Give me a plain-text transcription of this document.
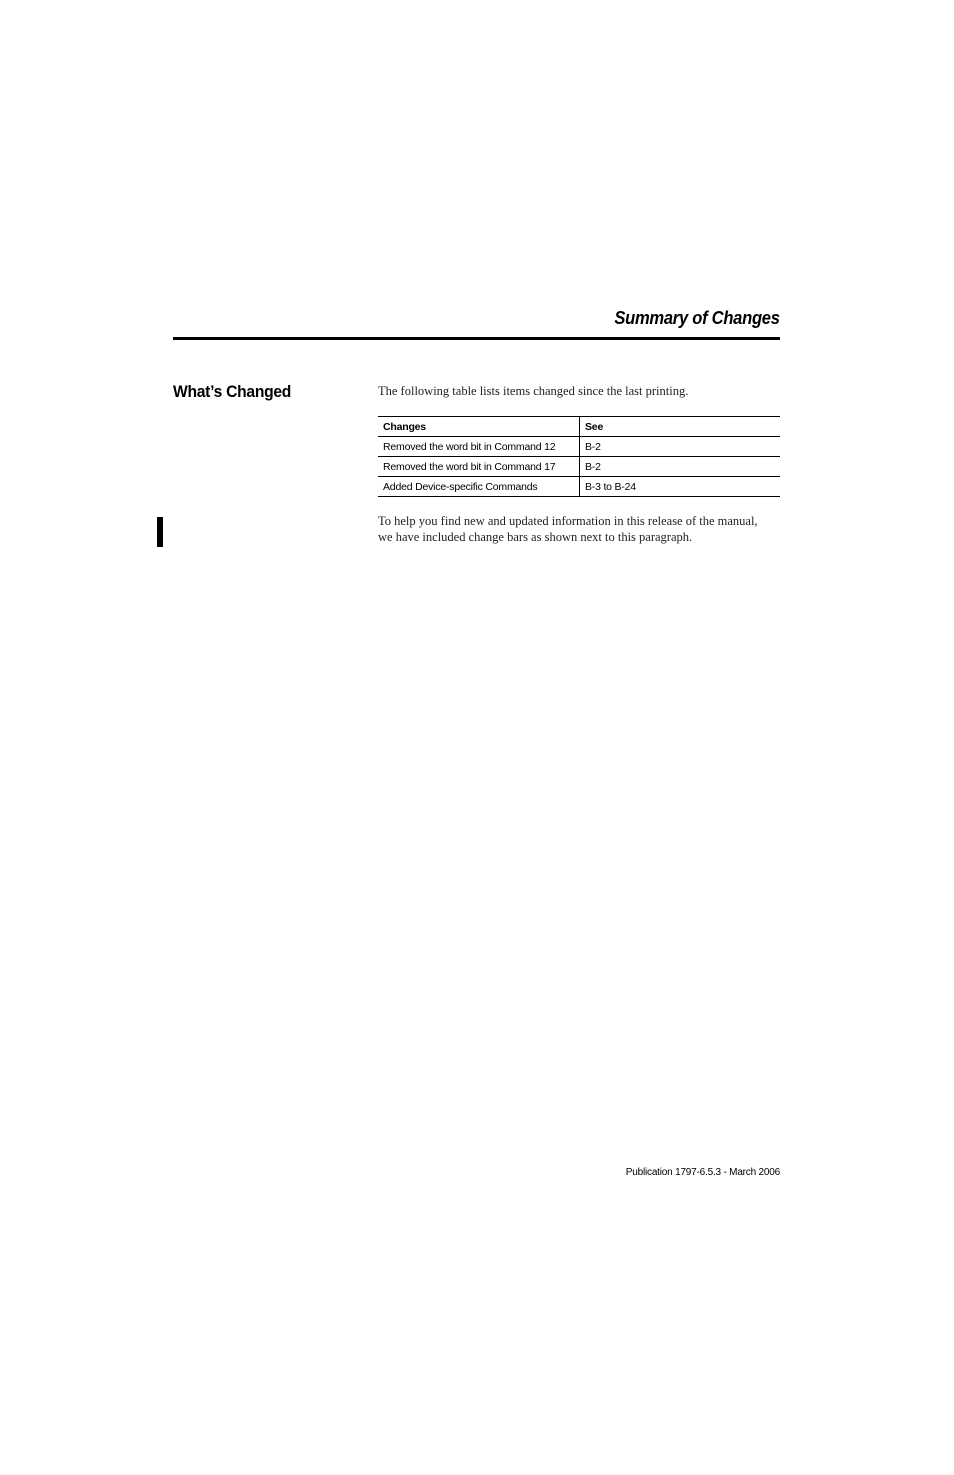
Summary of Changes
What’s Changed	The following table lists items changed since the last printing.
Changes	See
Removed the word bit in Command 12	B-2
Removed the word bit in Command 17	B-2
Added Device-specific Commands	B-3 to B-24
To help you find new and updated information in this release of the manual,
we have included change bars as shown next to this paragraph.
Publication 1797-6.5.3 - March 2006
